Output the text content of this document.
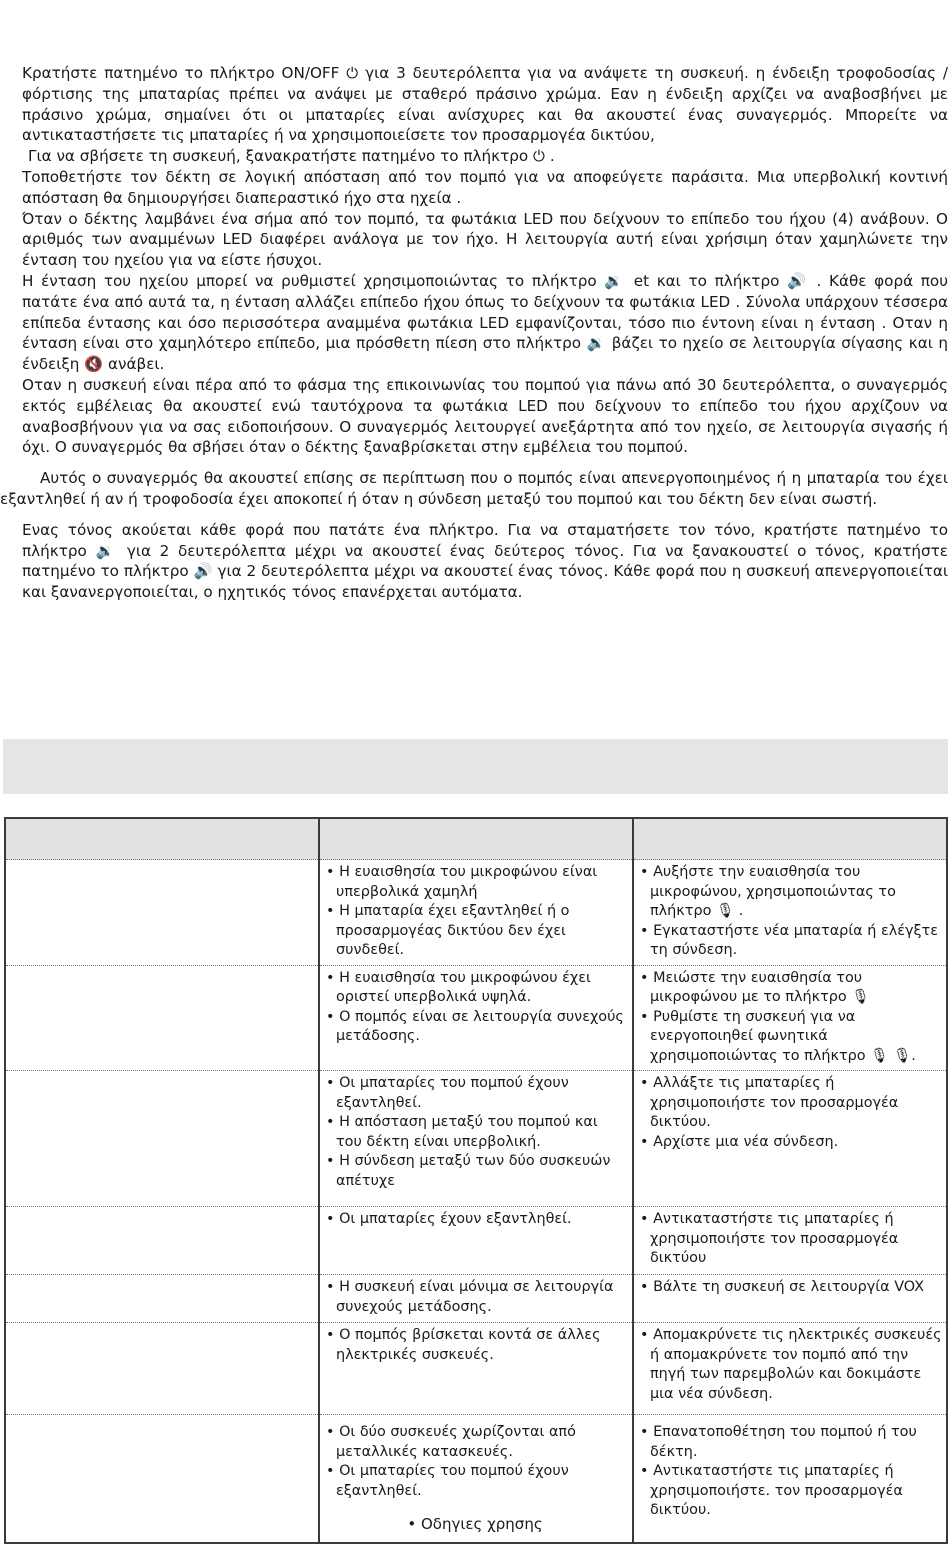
Κρατήστε πατημένο το πλήκτρο ON/OFF ⏻ για 3 δευτερόλεπτα για να ανάψετε τη συσκευή. η ένδειξη τροφοδοσίας / φόρτισης της μπαταρίας πρέπει να ανάψει με σταθερό πράσινο χρώμα. Εαν η ένδειξη αρχίζει να αναβοσβήνει με πράσινο χρώμα, σημαίνει ότι οι μπαταρίες είναι ανίσχυρες και θα ακουστεί ένας συναγερμός. Μπορείτε να αντικαταστήσετε τις μπαταρίες ή να χρησιμοποιείσετε τον προσαρμογέα δικτύου,

Για να σβήσετε τη συσκευή, ξανακρατήστε πατημένο το πλήκτρο ⏻ .

Τοποθετήστε τον δέκτη σε λογική απόσταση από τον πομπό για να αποφεύγετε παράσιτα. Μια υπερβολική κοντινή απόσταση θα δημιουργήσει διαπεραστικό ήχο στα ηχεία .

Όταν ο δέκτης λαμβάνει ένα σήμα από τον πομπό, τα φωτάκια LED που δείχνουν το επίπεδο του ήχου (4) ανάβουν. Ο αριθμός των αναμμένων LED διαφέρει ανάλογα με τον ήχο. Η λειτουργία αυτή είναι χρήσιμη όταν χαμηλώνετε την ένταση του ηχείου για να είστε ήσυχοι.

Η ένταση του ηχείου μπορεί να ρυθμιστεί χρησιμοποιώντας το πλήκτρο 🔉 et και το πλήκτρο 🔊 . Κάθε φορά που πατάτε ένα από αυτά τα, η ένταση αλλάζει επίπεδο ήχου όπως το δείχνουν τα φωτάκια LED . Σύνολα υπάρχουν τέσσερα επίπεδα έντασης και όσο περισσότερα αναμμένα φωτάκια LED εμφανίζονται, τόσο πιο έντονη είναι η ένταση . Οταν η ένταση είναι στο χαμηλότερο επίπεδο, μια πρόσθετη πίεση στο πλήκτρο 🔉 βάζει το ηχείο σε λειτουργία σίγασης και η ένδειξη 🔇 ανάβει.

Οταν η συσκευή είναι πέρα από το φάσμα της επικοινωνίας του πομπού για πάνω από 30 δευτερόλεπτα, ο συναγερμός εκτός εμβέλειας θα ακουστεί ενώ ταυτόχρονα τα φωτάκια LED που δείχνουν το επίπεδο του ήχου αρχίζουν να αναβοσβήνουν για να σας ειδοποιήσουν. Ο συναγερμός λειτουργεί ανεξάρτητα από τον ηχείο, σε λειτουργία σιγασής ή όχι. Ο συναγερμός θα σβήσει όταν ο δέκτης ξαναβρίσκεται στην εμβέλεια του πομπού.

Αυτός ο συναγερμός θα ακουστεί επίσης σε περίπτωση που ο πομπός είναι απενεργοποιημένος ή η μπαταρία του έχει εξαντληθεί ή αν ή τροφοδοσία έχει αποκοπεί ή όταν η σύνδεση μεταξύ του πομπού και του δέκτη δεν είναι σωστή.

Ενας τόνος ακούεται κάθε φορά που πατάτε ένα πλήκτρο. Για να σταματήσετε τον τόνο, κρατήστε πατημένο το πλήκτρο 🔉 για 2 δευτερόλεπτα μέχρι να ακουστεί ένας δεύτερος τόνος. Για να ξανακουστεί ο τόνος, κρατήστε πατημένο το πλήκτρο 🔊 για 2 δευτερόλεπτα μέχρι να ακουστεί ένας τόνος. Κάθε φορά που η συσκευή απενεργοποιείται και ξανανεργοποιείται, ο ηχητικός τόνος επανέρχεται αυτόματα.

	• Η ευαισθησία του μικροφώνου είναι υπερβολικά χαμηλή
• Η μπαταρία έχει εξαντληθεί ή ο προσαρμογέας δικτύου δεν έχει συνδεθεί.	• Αυξήστε την ευαισθησία του μικροφώνου, χρησιμοποιώντας το πλήκτρο 🎙 .
• Εγκαταστήστε νέα μπαταρία ή ελέγξτε τη σύνδεση.

	• Η ευαισθησία του μικροφώνου έχει οριστεί υπερβολικά υψηλά.
• Ο πομπός είναι σε λειτουργία συνεχούς μετάδοσης.	• Μειώστε την ευαισθησία του μικροφώνου με το πλήκτρο 🎙
• Ρυθμίστε τη συσκευή για να ενεργοποιηθεί φωνητικά χρησιμοποιώντας το πλήκτρο 🎙 🎙.

	• Οι μπαταρίες του πομπού έχουν εξαντληθεί.
• Η απόσταση μεταξύ του πομπού και του δέκτη είναι υπερβολική.
• Η σύνδεση μεταξύ των δύο συσκευών απέτυχε	• Αλλάξτε τις μπαταρίες ή χρησιμοποιήστε τον προσαρμογέα δικτύου.
• Αρχίστε μια νέα σύνδεση.

	• Οι μπαταρίες έχουν εξαντληθεί.	• Αντικαταστήστε τις μπαταρίες ή χρησιμοποιήστε τον προσαρμογέα δικτύου

	• Η συσκευή είναι μόνιμα σε λειτουργία συνεχούς μετάδοσης.	• Βάλτε τη συσκευή σε λειτουργία VOX

	• Ο πομπός βρίσκεται κοντά σε άλλες ηλεκτρικές συσκευές.	• Απομακρύνετε τις ηλεκτρικές συσκευές ή απομακρύνετε τον πομπό από την πηγή των παρεμβολών και δοκιμάστε μια νέα σύνδεση.

	• Οι δύο συσκευές χωρίζονται από μεταλλικές κατασκευές.
• Οι μπαταρίες του πομπού έχουν εξαντληθεί.	• Επανατοποθέτηση του πομπού ή του δέκτη.
• Αντικαταστήστε τις μπαταρίες ή χρησιμοποιήστε. τον προσαρμογέα δικτύου.
• Οδηγιες χρησης
